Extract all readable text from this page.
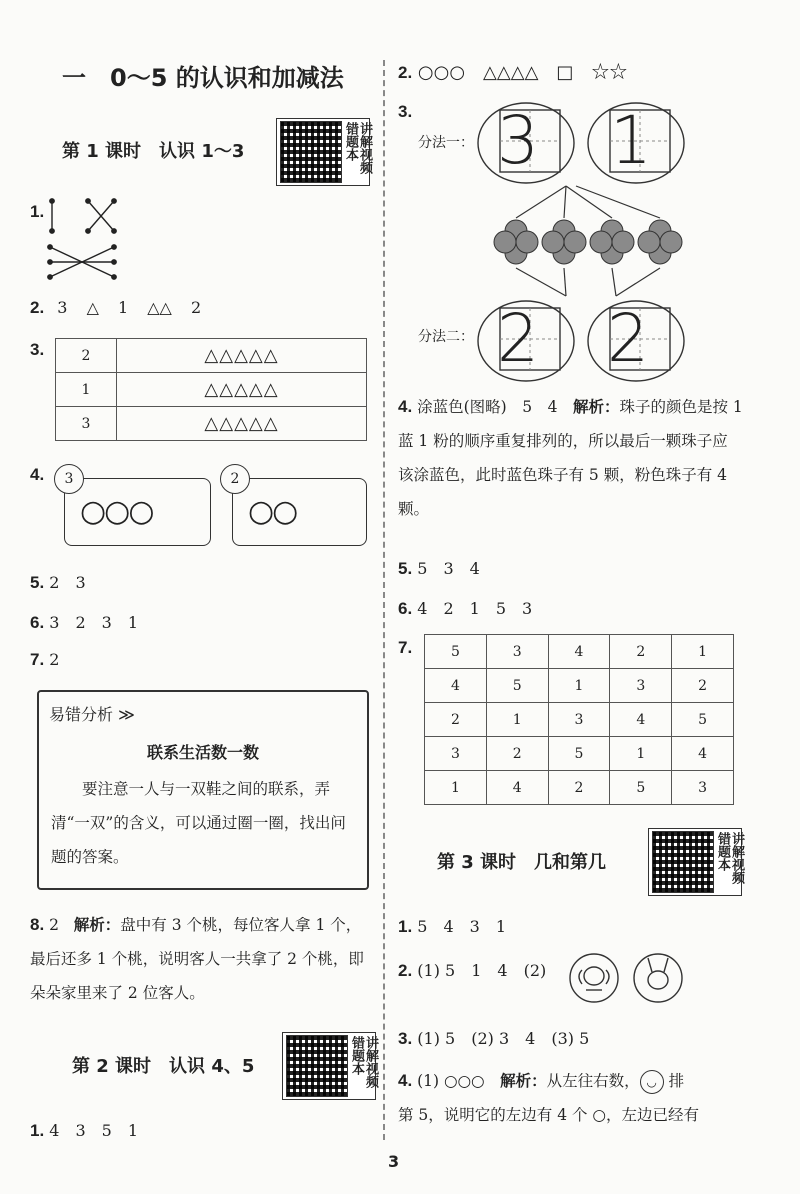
一　0～5 的认识和加减法
第 1 课时　认识 1～3	讲解视频错题本
1.
2. 3 △ 1 △△ 2
3.	2	△△△△△
1	△△△△△
3	△△△△△
4.	3
○○○
2
○○
5. 2　3
6. 3　2　3　1
7. 2
易错分析 ≫
联系生活数一数
要注意一人与一双鞋之间的联系，弄清“一双”的含义，可以通过圈一圈，找出问题的答案。
8. 2 解析：盘中有 3 个桃，每位客人拿 1 个，最后还多 1 个桃，说明客人一共拿了 2 个桃，即朵朵家里来了 2 位客人。
第 2 课时　认识 4、5	讲解视频错题本
1. 4　3　5　1
2. ○○○　△△△△　□　☆☆
3.
分法一：
分法二：
3 1
2 2
4. 涂蓝色(图略)　5　4　解析：珠子的颜色是按 1 蓝 1 粉的顺序重复排列的，所以最后一颗珠子应该涂蓝色，此时蓝色珠子有 5 颗，粉色珠子有 4 颗。
5. 5　3　4
6. 4　2　1　5　3
7.	5	3	4	2	1
4	5	1	3	2
2	1	3	4	5
3	2	5	1	4
1	4	2	5	3
第 3 课时　几和第几	讲解视频错题本
1. 5　4　3　1
2. (1) 5　1　4　(2)
3. (1) 5　(2) 3　4　(3) 5
4. (1) ○○○　解析：从左往右数， ◡ 排
第 5，说明它的左边有 4 个 ○，左边已经有
3
